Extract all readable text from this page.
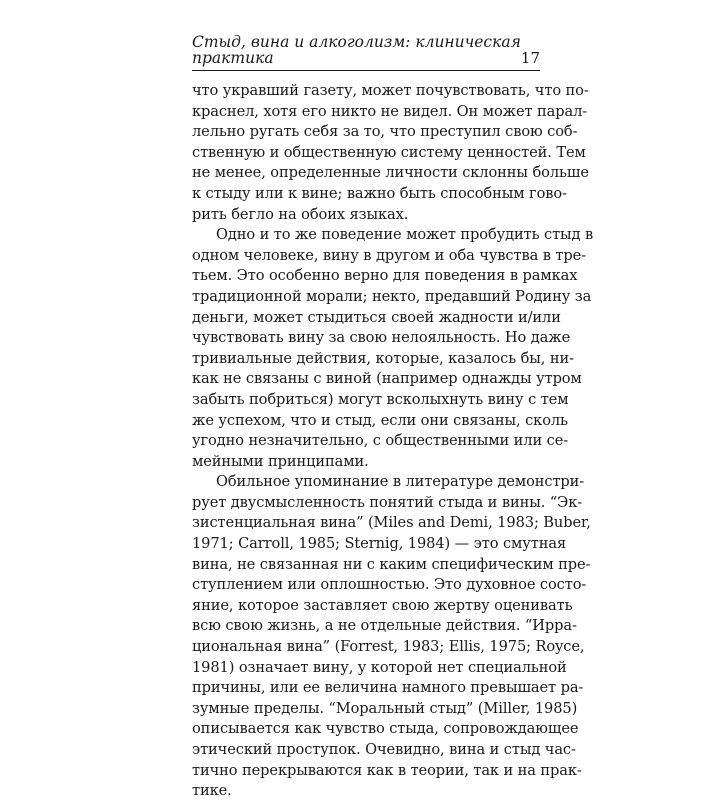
Стыд, вина и алкоголизм: клиническая практика	17
что укравший газету, может почувствовать, что по-
краснел, хотя его никто не видел. Он может парал-
лельно ругать себя за то, что преступил свою соб-
ственную и общественную систему ценностей. Тем
не менее, определенные личности склонны больше
к стыду или к вине; важно быть способным гово-
рить бегло на обоих языках.
Одно и то же поведение может пробудить стыд в
одном человеке, вину в другом и оба чувства в тре-
тьем. Это особенно верно для поведения в рамках
традиционной морали; некто, предавший Родину за
деньги, может стыдиться своей жадности и/или
чувствовать вину за свою нелояльность. Но даже
тривиальные действия, которые, казалось бы, ни-
как не связаны с виной (например однажды утром
забыть побриться) могут всколыхнуть вину с тем
же успехом, что и стыд, если они связаны, сколь
угодно незначительно, с общественными или се-
мейными принципами.
Обильное упоминание в литературе демонстри-
рует двусмысленность понятий стыда и вины. “Эк-
зистенциальная вина” (Miles and Demi, 1983; Buber,
1971; Carroll, 1985; Sternig, 1984) — это смутная
вина, не связанная ни с каким специфическим пре-
ступлением или оплошностью. Это духовное состо-
яние, которое заставляет свою жертву оценивать
всю свою жизнь, а не отдельные действия. “Ирра-
циональная вина” (Forrest, 1983; Ellis, 1975; Royce,
1981) означает вину, у которой нет специальной
причины, или ее величина намного превышает ра-
зумные пределы. “Моральный стыд” (Miller, 1985)
описывается как чувство стыда, сопровождающее
этический проступок. Очевидно, вина и стыд час-
тично перекрываются как в теории, так и на прак-
тике.
